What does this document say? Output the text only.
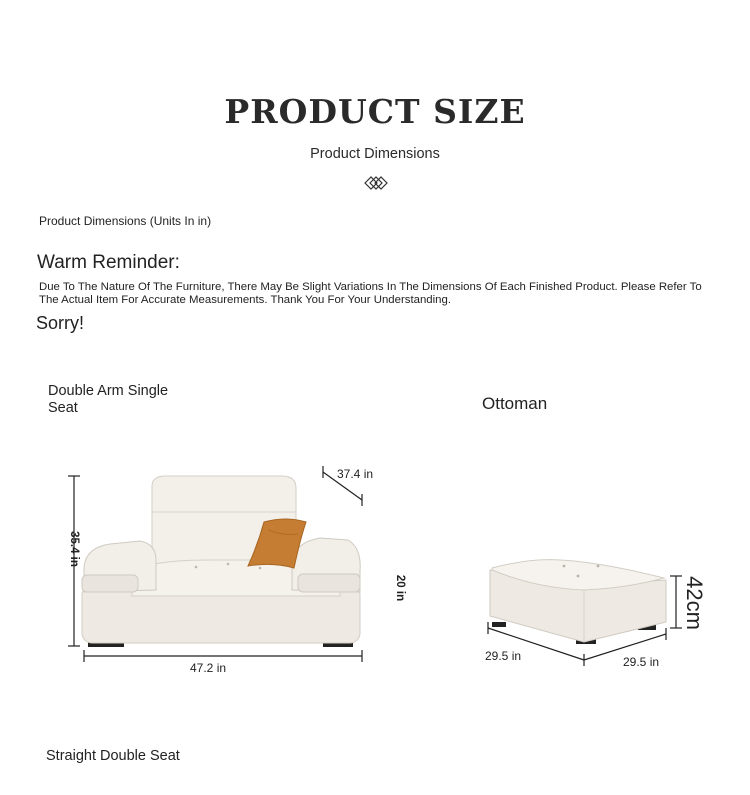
PRODUCT SIZE
Product Dimensions
Product Dimensions (Units In in)
Warm Reminder:
Due To The Nature Of The Furniture, There May Be Slight Variations In The Dimensions Of Each Finished Product. Please Refer To The Actual Item For Accurate Measurements. Thank You For Your Understanding.
Sorry!
Double Arm Single Seat
37.4 in
35.4 in
20 in
47.2 in
Ottoman
42cm
29.5 in	29.5 in
Straight Double Seat
